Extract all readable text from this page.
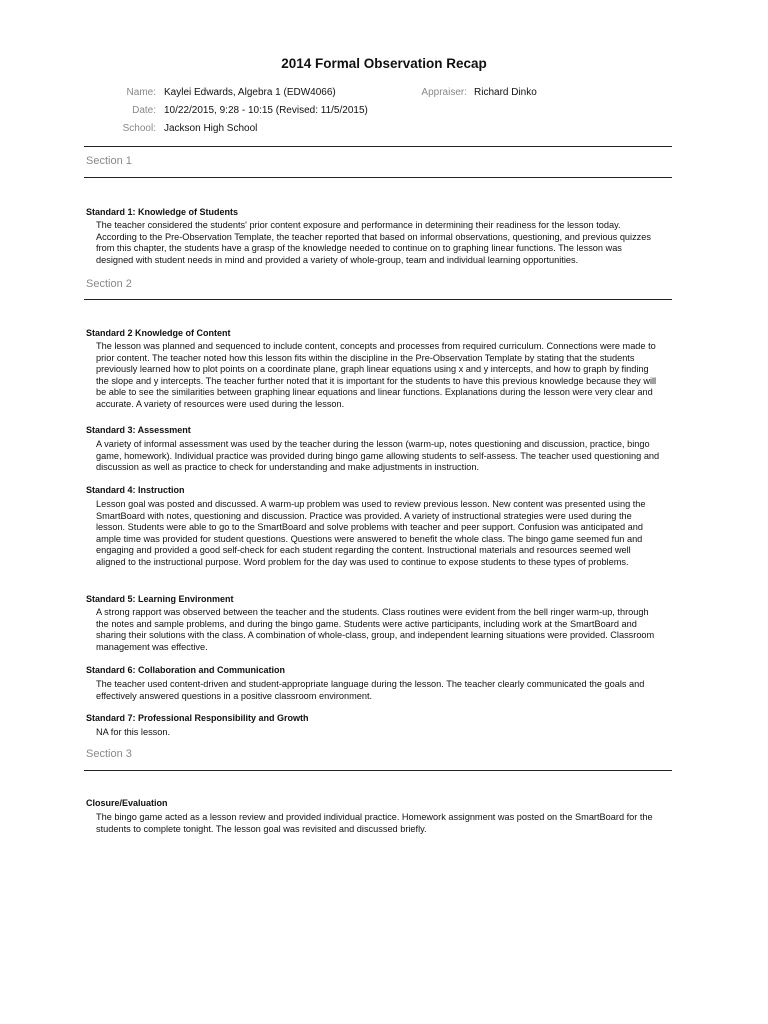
2014 Formal Observation Recap
Name: Kaylei Edwards, Algebra 1 (EDW4066)	Appraiser: Richard Dinko
Date: 10/22/2015, 9:28 - 10:15 (Revised: 11/5/2015)
School: Jackson High School
Section 1
Standard 1: Knowledge of Students
The teacher considered the students' prior content exposure and performance in determining their readiness for the lesson today. According to the Pre-Observation Template, the teacher reported that based on informal observations, questioning, and previous quizzes from this chapter, the students have a grasp of the knowledge needed to continue on to graphing linear functions. The lesson was designed with student needs in mind and provided a variety of whole-group, team and individual learning opportunities.
Section 2
Standard 2 Knowledge of Content
The lesson was planned and sequenced to include content, concepts and processes from required curriculum. Connections were made to prior content. The teacher noted how this lesson fits within the discipline in the Pre-Observation Template by stating that the students previously learned how to plot points on a coordinate plane, graph linear equations using x and y intercepts, and how to graph by finding the slope and y intercepts. The teacher further noted that it is important for the students to have this previous knowledge because they will be able to see the similarities between graphing linear equations and linear functions. Explanations during the lesson were very clear and accurate. A variety of resources were used during the lesson.
Standard 3: Assessment
A variety of informal assessment was used by the teacher during the lesson (warm-up, notes questioning and discussion, practice, bingo game, homework). Individual practice was provided during bingo game allowing students to self-assess. The teacher used questioning and discussion as well as practice to check for understanding and make adjustments in instruction.
Standard 4: Instruction
Lesson goal was posted and discussed. A warm-up problem was used to review previous lesson. New content was presented using the SmartBoard with notes, questioning and discussion. Practice was provided. A variety of instructional strategies were used during the lesson. Students were able to go to the SmartBoard and solve problems with teacher and peer support. Confusion was anticipated and ample time was provided for student questions. Questions were answered to benefit the whole class. The bingo game seemed fun and engaging and provided a good self-check for each student regarding the content. Instructional materials and resources seemed well aligned to the instructional purpose. Word problem for the day was used to continue to expose students to these types of problems.
Standard 5: Learning Environment
A strong rapport was observed between the teacher and the students. Class routines were evident from the bell ringer warm-up, through the notes and sample problems, and during the bingo game. Students were active participants, including work at the SmartBoard and sharing their solutions with the class. A combination of whole-class, group, and independent learning situations were provided. Classroom management was effective.
Standard 6: Collaboration and Communication
The teacher used content-driven and student-appropriate language during the lesson. The teacher clearly communicated the goals and effectively answered questions in a positive classroom environment.
Standard 7: Professional Responsibility and Growth
NA for this lesson.
Section 3
Closure/Evaluation
The bingo game acted as a lesson review and provided individual practice. Homework assignment was posted on the SmartBoard for the students to complete tonight. The lesson goal was revisited and discussed briefly.
